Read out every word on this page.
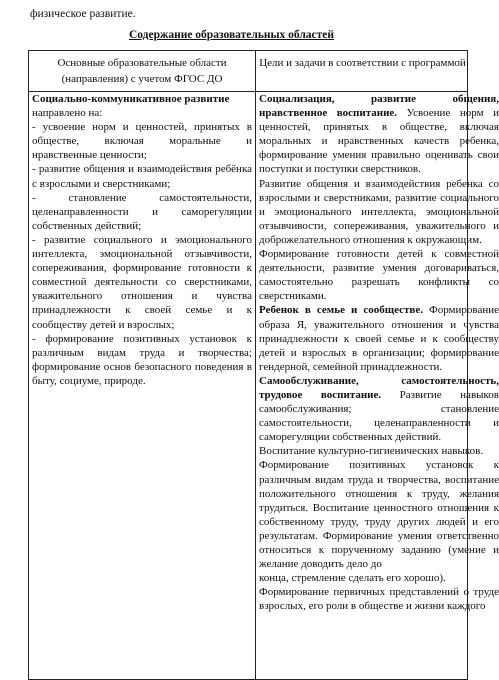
физическое развитие.
Содержание образовательных областей
Основные образовательные области (направления) с учетом ФГОС ДО
Цели и задачи в соответствии с программой

Социально-коммуникативное развитие

направлено на:

- усвоение норм и ценностей, принятых в обществе, включая моральные и нравственные ценности;

- развитие общения и взаимодействия ребёнка с взрослыми и сверстниками;

- становление самостоятельности, целенаправленности и саморегуляции собственных действий;

- развитие социального и эмоционального интеллекта, эмоциональной отзывчивости, сопереживания, формирование готовности к совместной деятельности со сверстниками, уважительного отношения и чувства принадлежности к своей семье и к сообществу детей и взрослых;

- формирование позитивных установок к различным видам труда и творчества; формирование основ безопасного поведения в быту, социуме, природе.

Социализация, развитие общения, нравственное воспитание. Усвоение норм и ценностей, принятых в обществе, включая моральных и нравственных качеств ребенка, формирование умения правильно оценивать свои поступки и поступки сверстников.

Развитие общения и взаимодействия ребенка со взрослыми и сверстниками, развитие социального и эмоционального интеллекта, эмоциональной отзывчивости, сопереживания, уважительного и доброжелательного отношения к окружающим.

Формирование готовности детей к совместной деятельности, развитие умения договариваться, самостоятельно разрешать конфликты со сверстниками.

Ребенок в семье и сообществе. Формирование образа Я, уважительного отношения и чувства принадлежности к своей семье и к сообществу детей и взрослых в организации; формирование гендерной, семейной принадлежности.

Самообслуживание, самостоятельность, трудовое воспитание. Развитие навыков самообслуживания; становление самостоятельности, целенаправленности и саморегуляции собственных действий.

Воспитание культурно-гигиенических навыков.

Формирование позитивных установок к различным видам труда и творчества, воспитание положительного отношения к труду, желания трудиться. Воспитание ценностного отношения к собственному труду, труду других людей и его результатам. Формирование умения ответственно относиться к порученному заданию (умение и желание доводить дело до

конца, стремление сделать его хорошо).

Формирование первичных представлений о труде взрослых, его роли в обществе и жизни каждого
